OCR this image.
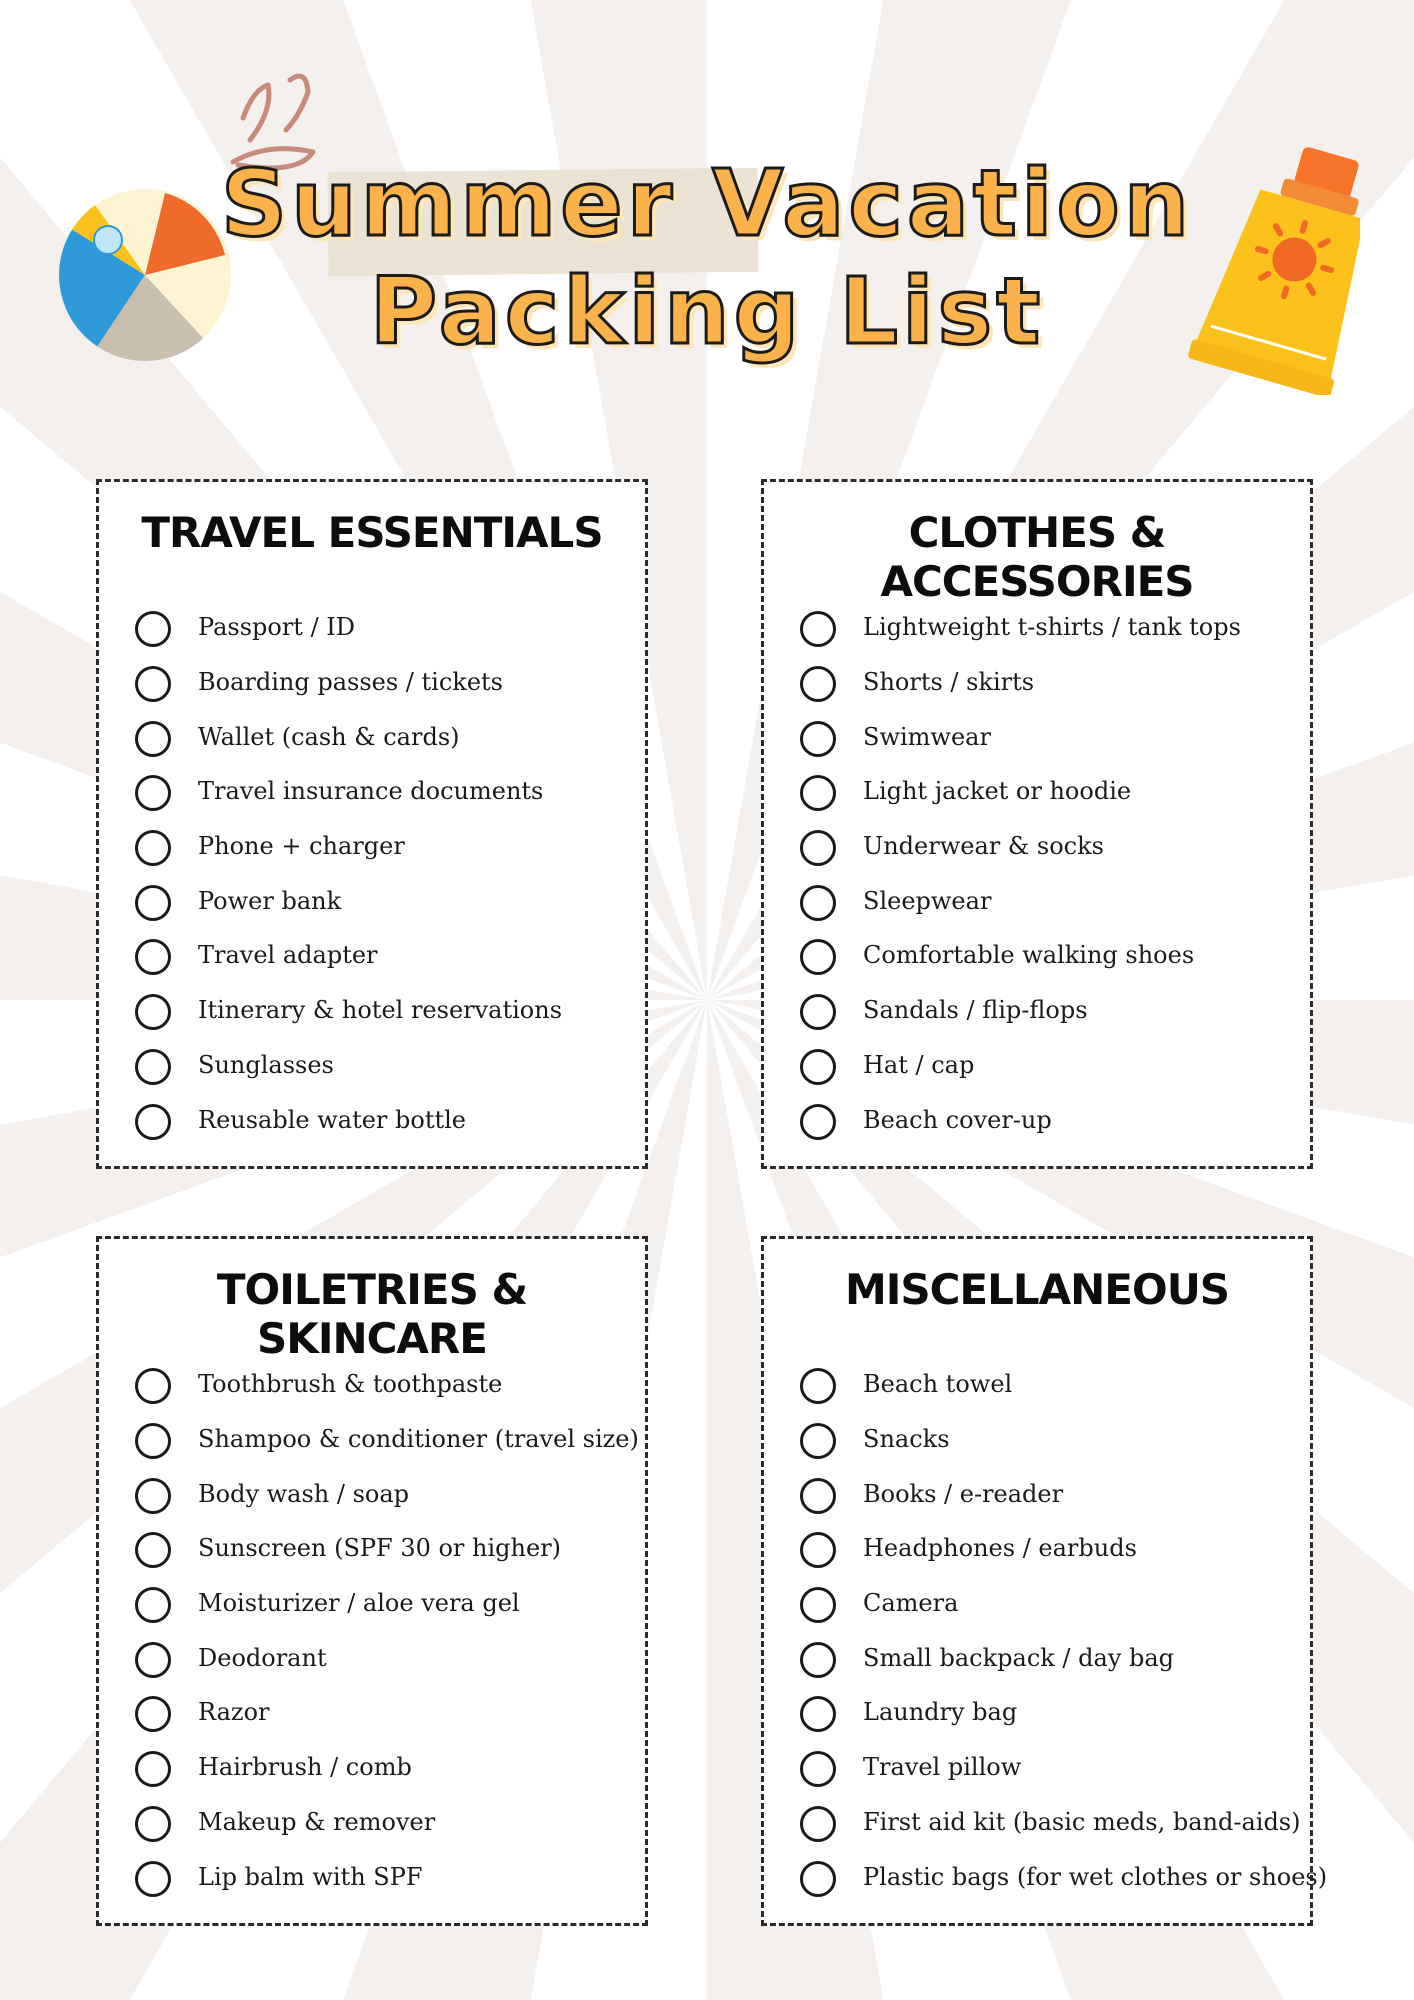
Summer Vacation
Packing List
TRAVEL ESSENTIALS
Passport / ID
Boarding passes / tickets
Wallet (cash & cards)
Travel insurance documents
Phone + charger
Power bank
Travel adapter
Itinerary & hotel reservations
Sunglasses
Reusable water bottle
CLOTHES & ACCESSORIES
Lightweight t-shirts / tank tops
Shorts / skirts
Swimwear
Light jacket or hoodie
Underwear & socks
Sleepwear
Comfortable walking shoes
Sandals / flip-flops
Hat / cap
Beach cover-up
TOILETRIES & SKINCARE
Toothbrush & toothpaste
Shampoo & conditioner (travel size)
Body wash / soap
Sunscreen (SPF 30 or higher)
Moisturizer / aloe vera gel
Deodorant
Razor
Hairbrush / comb
Makeup & remover
Lip balm with SPF
MISCELLANEOUS
Beach towel
Snacks
Books / e-reader
Headphones / earbuds
Camera
Small backpack / day bag
Laundry bag
Travel pillow
First aid kit (basic meds, band-aids)
Plastic bags (for wet clothes or shoes)
